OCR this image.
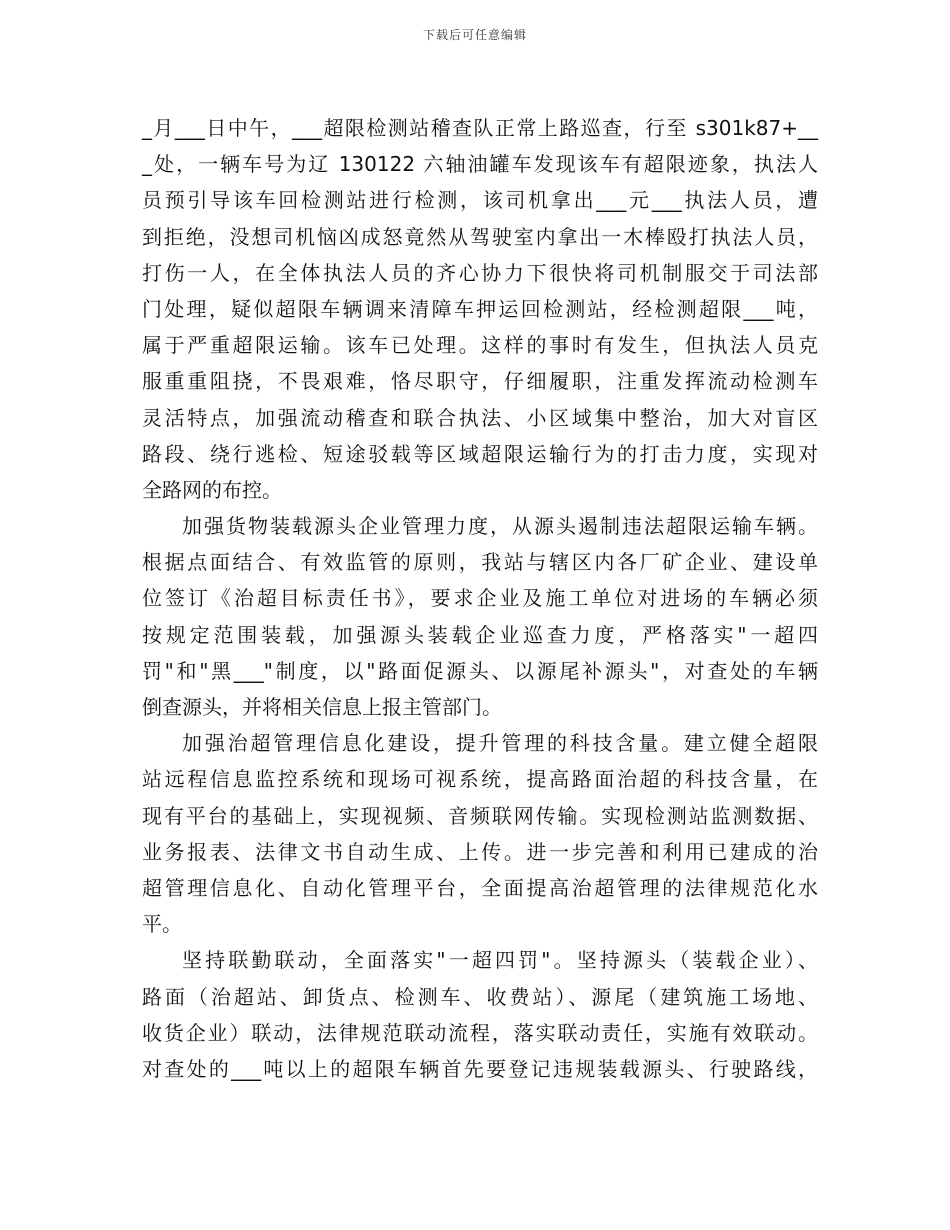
下载后可任意编辑
_月___日中午，___超限检测站稽查队正常上路巡查，行至 s301k87+__
_处，一辆车号为辽 130122 六轴油罐车发现该车有超限迹象，执法人
员预引导该车回检测站进行检测，该司机拿出___元___执法人员，遭
到拒绝，没想司机恼凶成怒竟然从驾驶室内拿出一木棒殴打执法人员，
打伤一人，在全体执法人员的齐心协力下很快将司机制服交于司法部
门处理，疑似超限车辆调来清障车押运回检测站，经检测超限___吨，
属于严重超限运输。该车已处理。这样的事时有发生，但执法人员克
服重重阻挠，不畏艰难，恪尽职守，仔细履职，注重发挥流动检测车
灵活特点，加强流动稽查和联合执法、小区域集中整治，加大对盲区
路段、绕行逃检、短途驳载等区域超限运输行为的打击力度，实现对
全路网的布控。
加强货物装载源头企业管理力度，从源头遏制违法超限运输车辆。
根据点面结合、有效监管的原则，我站与辖区内各厂矿企业、建设单
位签订《治超目标责任书》，要求企业及施工单位对进场的车辆必须
按规定范围装载，加强源头装载企业巡查力度，严格落实"一超四
罚"和"黑___"制度，以"路面促源头、以源尾补源头"，对查处的车辆
倒查源头，并将相关信息上报主管部门。
加强治超管理信息化建设，提升管理的科技含量。建立健全超限
站远程信息监控系统和现场可视系统，提高路面治超的科技含量，在
现有平台的基础上，实现视频、音频联网传输。实现检测站监测数据、
业务报表、法律文书自动生成、上传。进一步完善和利用已建成的治
超管理信息化、自动化管理平台，全面提高治超管理的法律规范化水
平。
坚持联勤联动，全面落实"一超四罚"。坚持源头（装载企业）、
路面（治超站、卸货点、检测车、收费站）、源尾（建筑施工场地、
收货企业）联动，法律规范联动流程，落实联动责任，实施有效联动。
对查处的___吨以上的超限车辆首先要登记违规装载源头、行驶路线，
